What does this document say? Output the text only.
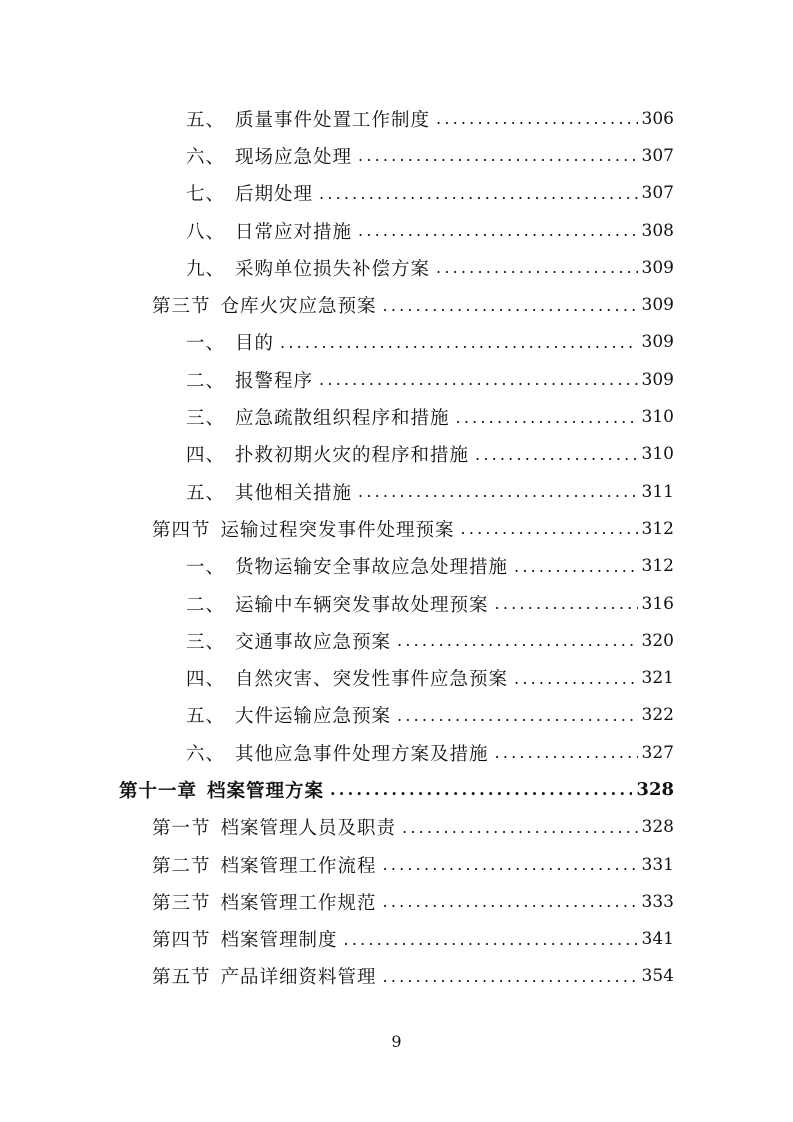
五、 质量事件处置工作制度 .....	306
六、 现场应急处理 .....	307
七、 后期处理 .....	307
八、 日常应对措施 .....	308
九、 采购单位损失补偿方案 .....	309
第三节 仓库火灾应急预案 .....	309
一、 目的 .....	309
二、 报警程序 .....	309
三、 应急疏散组织程序和措施 .....	310
四、 扑救初期火灾的程序和措施 .....	310
五、 其他相关措施 .....	311
第四节 运输过程突发事件处理预案 .....	312
一、 货物运输安全事故应急处理措施 .....	312
二、 运输中车辆突发事故处理预案 .....	316
三、 交通事故应急预案 .....	320
四、 自然灾害、突发性事件应急预案 .....	321
五、 大件运输应急预案 .....	322
六、 其他应急事件处理方案及措施 .....	327
第十一章 档案管理方案 .....	328
第一节 档案管理人员及职责 .....	328
第二节 档案管理工作流程 .....	331
第三节 档案管理工作规范 .....	333
第四节 档案管理制度 .....	341
第五节 产品详细资料管理 .....	354
9
